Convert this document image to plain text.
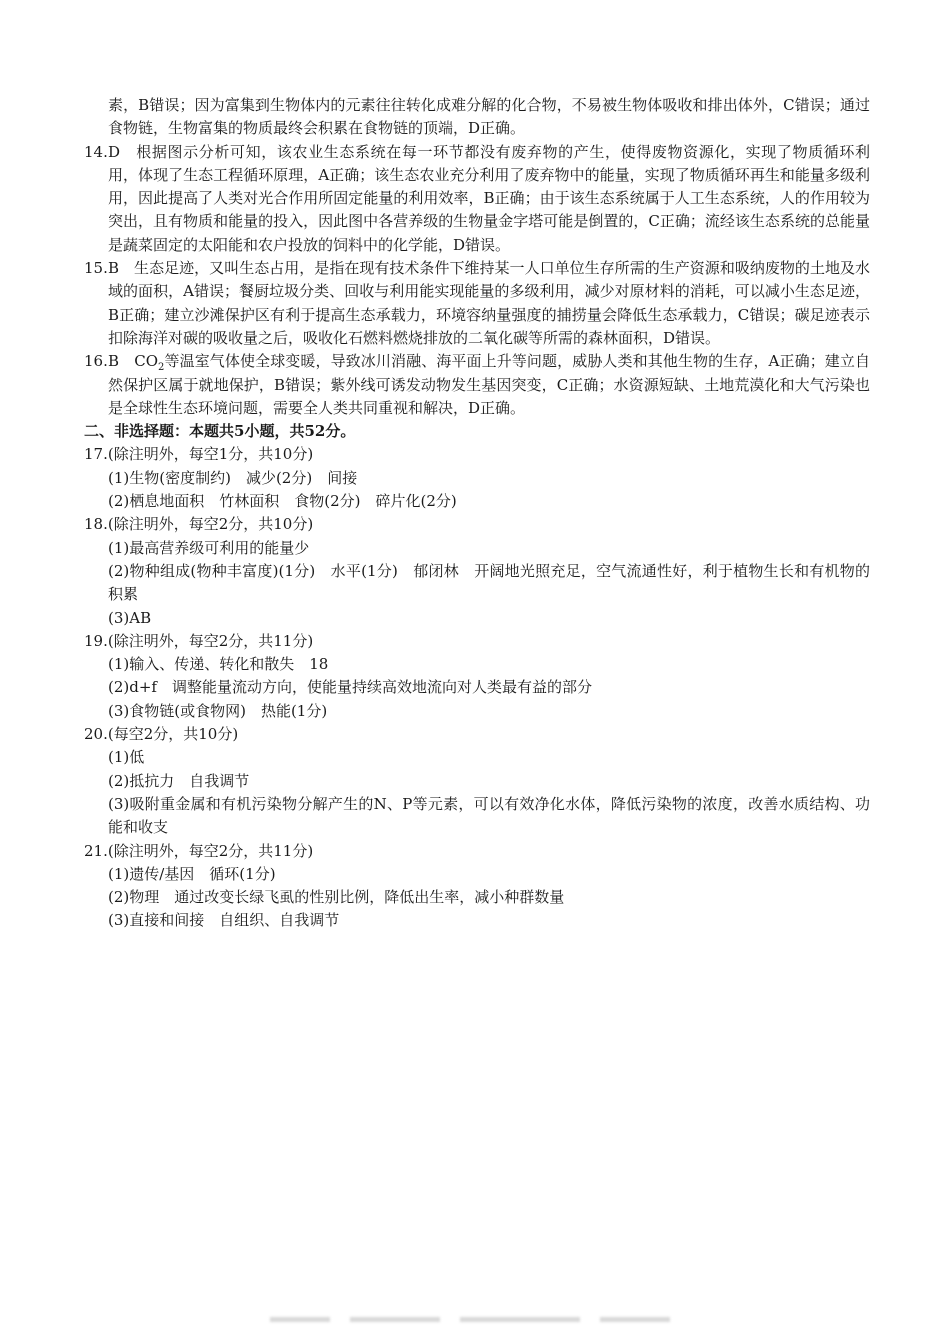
素，B错误；因为富集到生物体内的元素往往转化成难分解的化合物，不易被生物体吸收和排出体外，C错误；通过食物链，生物富集的物质最终会积累在食物链的顶端，D正确。
14. D　根据图示分析可知，该农业生态系统在每一环节都没有废弃物的产生，使得废物资源化，实现了物质循环利用，体现了生态工程循环原理，A正确；该生态农业充分利用了废弃物中的能量，实现了物质循环再生和能量多级利用，因此提高了人类对光合作用所固定能量的利用效率，B正确；由于该生态系统属于人工生态系统，人的作用较为突出，且有物质和能量的投入，因此图中各营养级的生物量金字塔可能是倒置的，C正确；流经该生态系统的总能量是蔬菜固定的太阳能和农户投放的饲料中的化学能，D错误。
15. B　生态足迹，又叫生态占用，是指在现有技术条件下维持某一人口单位生存所需的生产资源和吸纳废物的土地及水域的面积，A错误；餐厨垃圾分类、回收与利用能实现能量的多级利用，减少对原材料的消耗，可以减小生态足迹，B正确；建立沙滩保护区有利于提高生态承载力，环境容纳量强度的捕捞量会降低生态承载力，C错误；碳足迹表示扣除海洋对碳的吸收量之后，吸收化石燃料燃烧排放的二氧化碳等所需的森林面积，D错误。
16. B　$CO_2$等温室气体使全球变暖，导致冰川消融、海平面上升等问题，威胁人类和其他生物的生存，A正确；建立自然保护区属于就地保护，B错误；紫外线可诱发动物发生基因突变，C正确；水资源短缺、土地荒漠化和大气污染也是全球性生态环境问题，需要全人类共同重视和解决，D正确。
二、非选择题：本题共5小题，共52分。
17.(除注明外，每空1分，共10分)
(1)生物(密度制约)　减少(2分)　间接
(2)栖息地面积　竹林面积　食物(2分)　碎片化(2分)
18.(除注明外，每空2分，共10分)
(1)最高营养级可利用的能量少
(2)物种组成(物种丰富度)(1分)　水平(1分)　郁闭林　开阔地光照充足，空气流通性好，利于植物生长和有机物的积累
(3)AB
19.(除注明外，每空2分，共11分)
(1)输入、传递、转化和散失　18
(2)d+f　调整能量流动方向，使能量持续高效地流向对人类最有益的部分
(3)食物链(或食物网)　热能(1分)
20.(每空2分，共10分)
(1)低
(2)抵抗力　自我调节
(3)吸附重金属和有机污染物分解产生的N、P等元素，可以有效净化水体，降低污染物的浓度，改善水质结构、功能和收支
21.(除注明外，每空2分，共11分)
(1)遗传/基因　循环(1分)
(2)物理　通过改变长绿飞虱的性别比例，降低出生率，减小种群数量
(3)直接和间接　自组织、自我调节
